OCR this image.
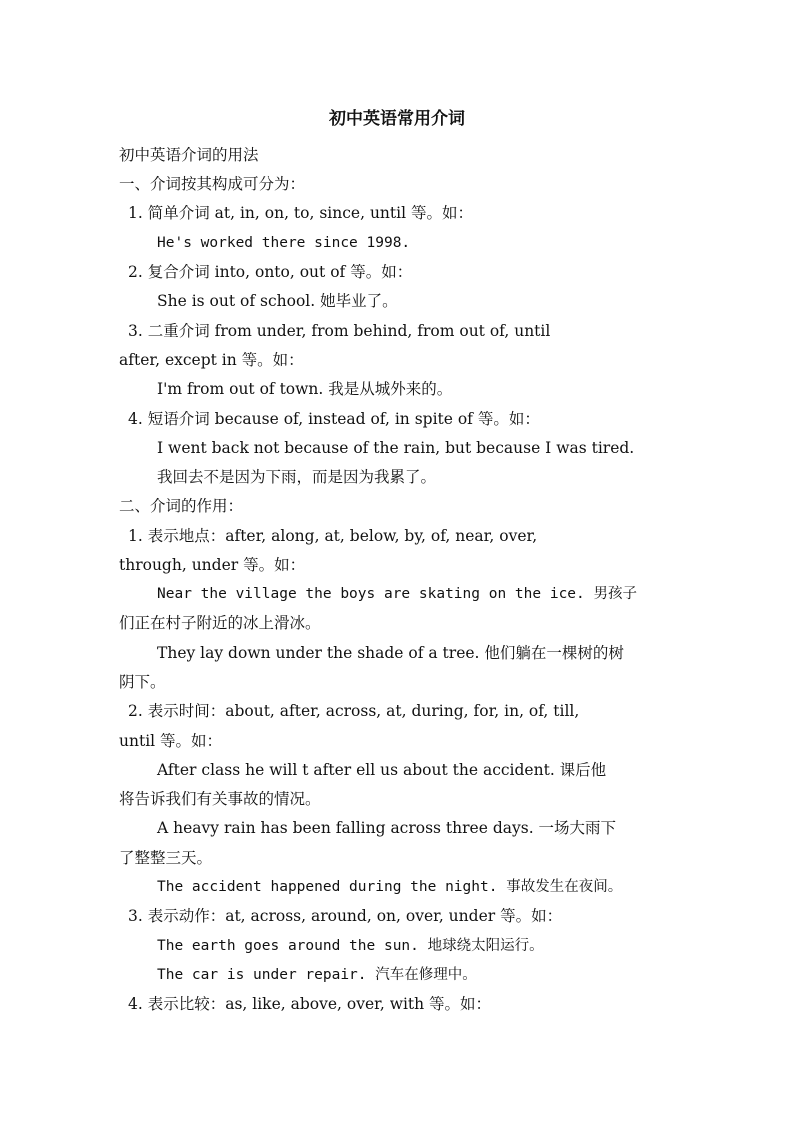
初中英语常用介词
初中英语介词的用法
一、介词按其构成可分为：
1. 简单介词 at, in, on, to, since, until 等。如：
He's worked there since 1998.
2. 复合介词 into, onto, out of 等。如：
She is out of school. 她毕业了。
3. 二重介词 from under, from behind, from out of, until
after, except in 等。如：
I'm from out of town. 我是从城外来的。
4. 短语介词 because of, instead of, in spite of 等。如：
I went back not because of the rain, but because I was tired.
我回去不是因为下雨，而是因为我累了。
二、介词的作用：
1. 表示地点：after, along, at, below, by, of, near, over,
through, under 等。如：
Near the village the boys are skating on the ice. 男孩子
们正在村子附近的冰上滑冰。
They lay down under the shade of a tree. 他们躺在一棵树的树
阴下。
2. 表示时间：about, after, across, at, during, for, in, of, till,
until 等。如：
After class he will t after ell us about the accident. 课后他
将告诉我们有关事故的情况。
A heavy rain has been falling across three days. 一场大雨下
了整整三天。
The accident happened during the night. 事故发生在夜间。
3. 表示动作：at, across, around, on, over, under 等。如：
The earth goes around the sun. 地球绕太阳运行。
The car is under repair. 汽车在修理中。
4. 表示比较：as, like, above, over, with 等。如：
